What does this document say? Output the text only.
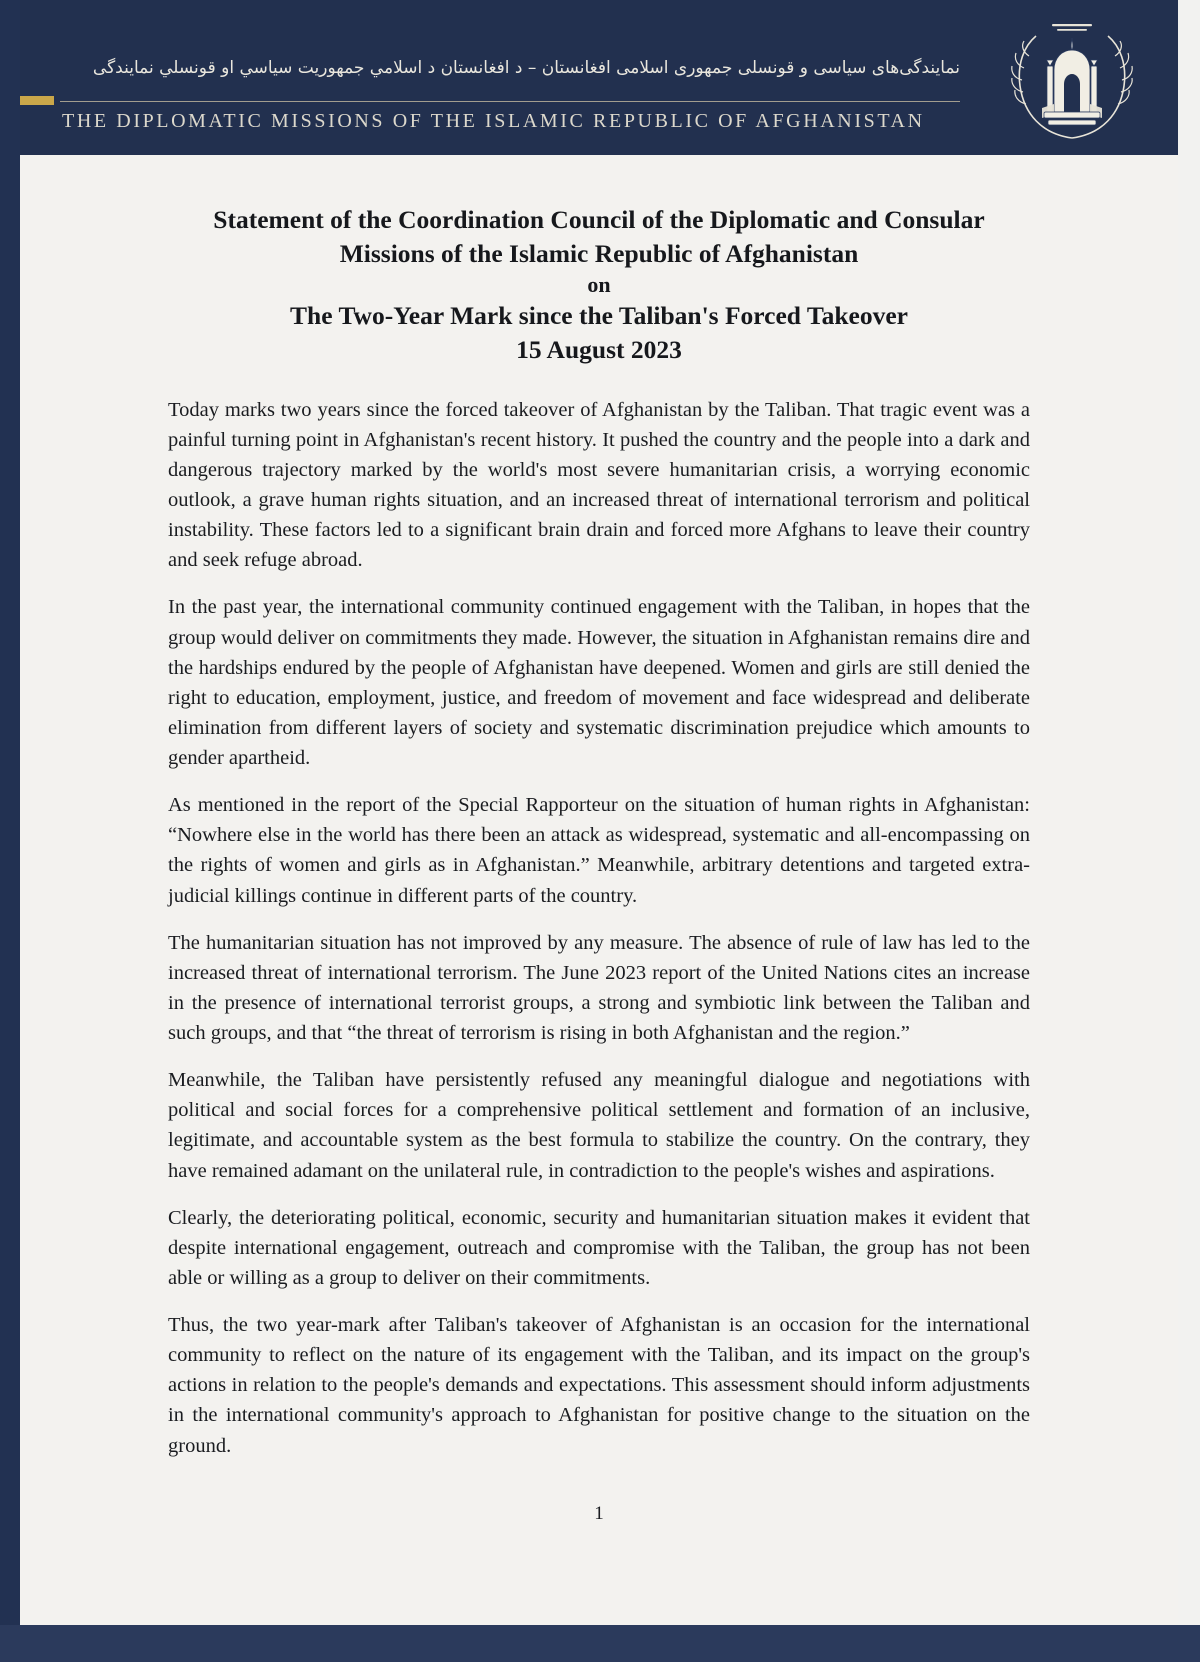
نمایندگی‌های سیاسی و قونسلی جمهوری اسلامی افغانستان – د افغانستان د اسلامي جمهوریت سیاسي او قونسلي نمایندگی
THE DIPLOMATIC MISSIONS OF THE ISLAMIC REPUBLIC OF AFGHANISTAN
Statement of the Coordination Council of the Diplomatic and Consular
Missions of the Islamic Republic of Afghanistan
on
The Two-Year Mark since the Taliban's Forced Takeover
15 August 2023

Today marks two years since the forced takeover of Afghanistan by the Taliban. That tragic event was a painful turning point in Afghanistan's recent history. It pushed the country and the people into a dark and dangerous trajectory marked by the world's most severe humanitarian crisis, a worrying economic outlook, a grave human rights situation, and an increased threat of international terrorism and political instability. These factors led to a significant brain drain and forced more Afghans to leave their country and seek refuge abroad.

In the past year, the international community continued engagement with the Taliban, in hopes that the group would deliver on commitments they made. However, the situation in Afghanistan remains dire and the hardships endured by the people of Afghanistan have deepened. Women and girls are still denied the right to education, employment, justice, and freedom of movement and face widespread and deliberate elimination from different layers of society and systematic discrimination prejudice which amounts to gender apartheid.

As mentioned in the report of the Special Rapporteur on the situation of human rights in Afghanistan: “Nowhere else in the world has there been an attack as widespread, systematic and all-encompassing on the rights of women and girls as in Afghanistan.” Meanwhile, arbitrary detentions and targeted extra-judicial killings continue in different parts of the country.

The humanitarian situation has not improved by any measure. The absence of rule of law has led to the increased threat of international terrorism. The June 2023 report of the United Nations cites an increase in the presence of international terrorist groups, a strong and symbiotic link between the Taliban and such groups, and that “the threat of terrorism is rising in both Afghanistan and the region.”

Meanwhile, the Taliban have persistently refused any meaningful dialogue and negotiations with political and social forces for a comprehensive political settlement and formation of an inclusive, legitimate, and accountable system as the best formula to stabilize the country. On the contrary, they have remained adamant on the unilateral rule, in contradiction to the people's wishes and aspirations.

Clearly, the deteriorating political, economic, security and humanitarian situation makes it evident that despite international engagement, outreach and compromise with the Taliban, the group has not been able or willing as a group to deliver on their commitments.

Thus, the two year-mark after Taliban's takeover of Afghanistan is an occasion for the international community to reflect on the nature of its engagement with the Taliban, and its impact on the group's actions in relation to the people's demands and expectations. This assessment should inform adjustments in the international community's approach to Afghanistan for positive change to the situation on the ground.

1
